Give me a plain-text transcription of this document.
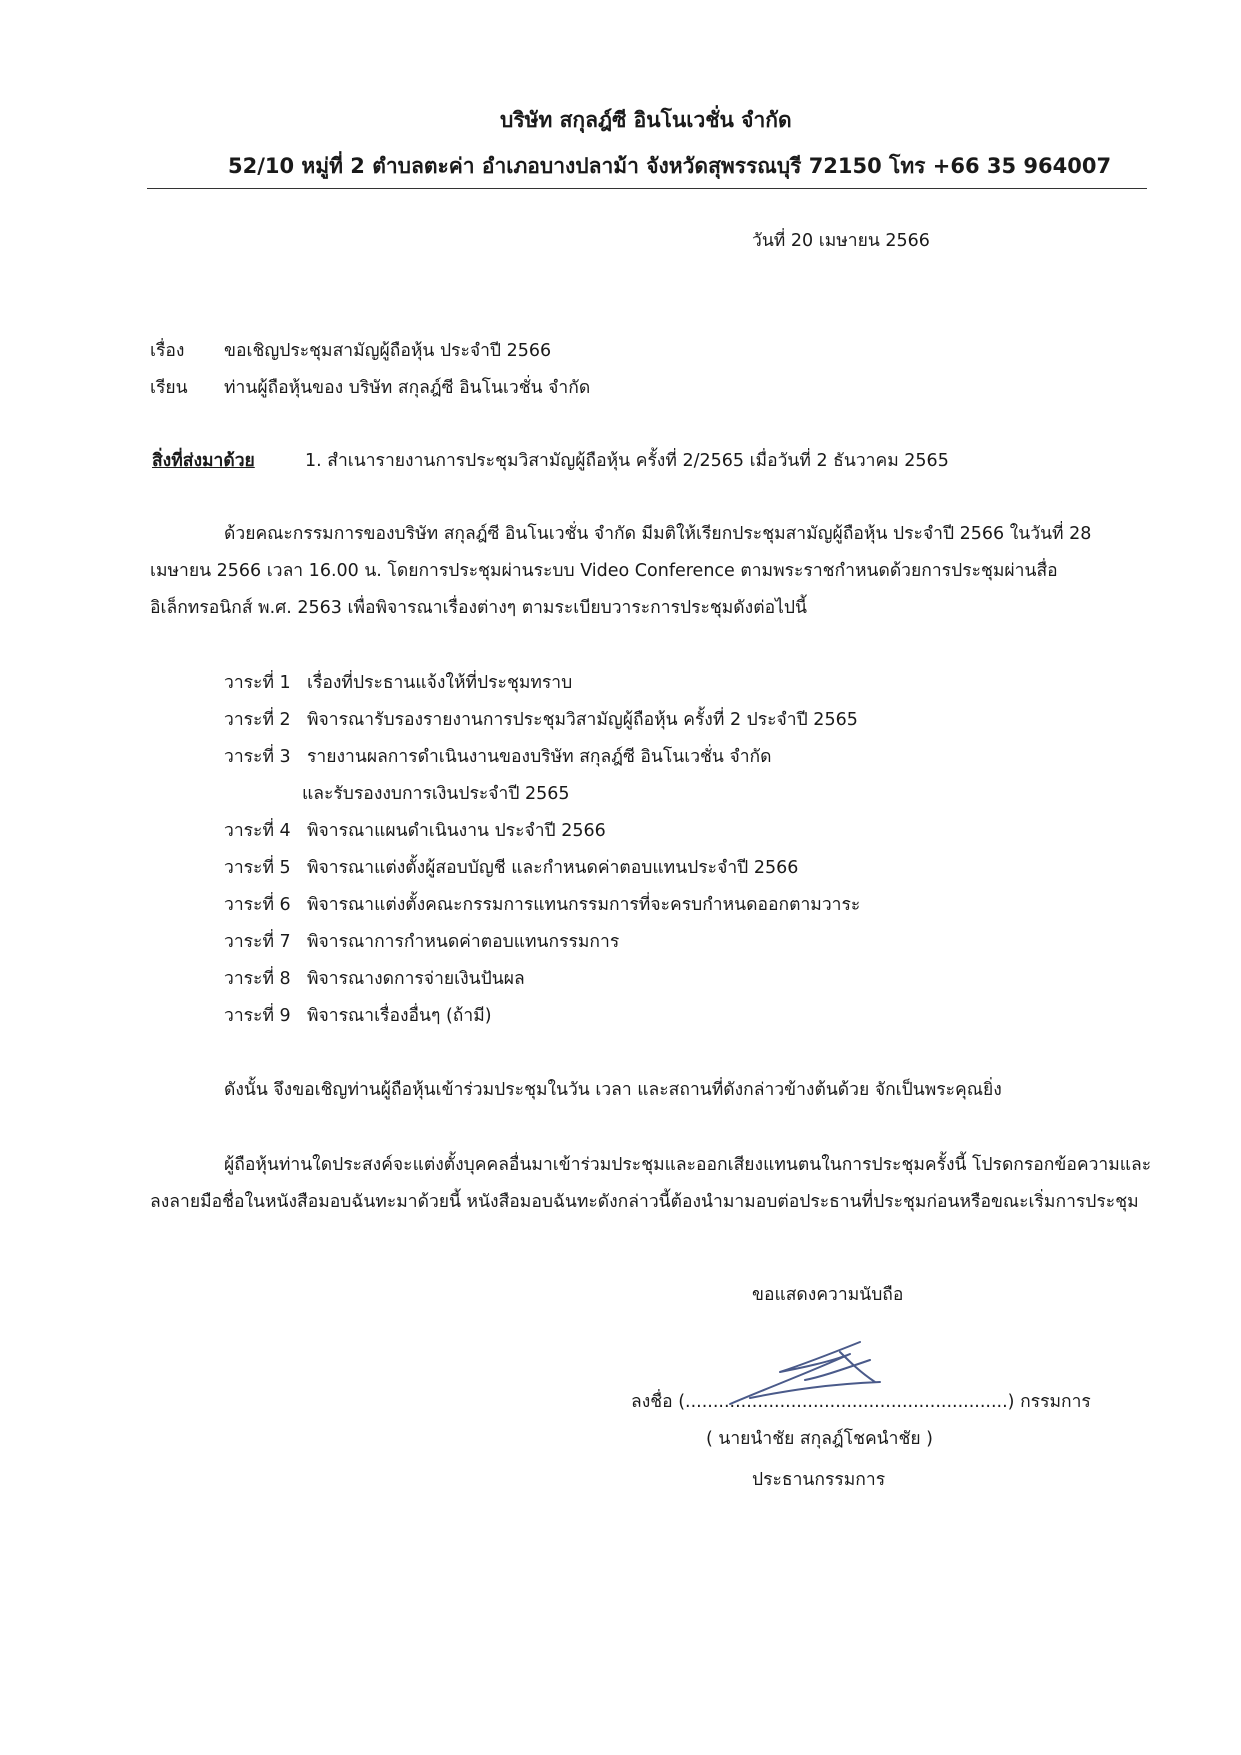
บริษัท สกุลฎ์ซี อินโนเวชั่น จำกัด
52/10 หมู่ที่ 2 ตำบลตะค่า อำเภอบางปลาม้า จังหวัดสุพรรณบุรี 72150 โทร +66 35 964007
วันที่ 20 เมษายน 2566
เรื่อง ขอเชิญประชุมสามัญผู้ถือหุ้น ประจำปี 2566
เรียน ท่านผู้ถือหุ้นของ บริษัท สกุลฎ์ซี อินโนเวชั่น จำกัด
สิ่งที่ส่งมาด้วย	1. สำเนารายงานการประชุมวิสามัญผู้ถือหุ้น ครั้งที่ 2/2565 เมื่อวันที่ 2 ธันวาคม 2565
ด้วยคณะกรรมการของบริษัท สกุลฎ์ซี อินโนเวชั่น จำกัด มีมติให้เรียกประชุมสามัญผู้ถือหุ้น ประจำปี 2566 ในวันที่ 28
เมษายน 2566 เวลา 16.00 น. โดยการประชุมผ่านระบบ Video Conference ตามพระราชกำหนดด้วยการประชุมผ่านสื่อ
อิเล็กทรอนิกส์ พ.ศ. 2563 เพื่อพิจารณาเรื่องต่างๆ ตามระเบียบวาระการประชุมดังต่อไปนี้
วาระที่ 1 เรื่องที่ประธานแจ้งให้ที่ประชุมทราบ
วาระที่ 2 พิจารณารับรองรายงานการประชุมวิสามัญผู้ถือหุ้น ครั้งที่ 2 ประจำปี 2565
วาระที่ 3 รายงานผลการดำเนินงานของบริษัท สกุลฎ์ซี อินโนเวชั่น จำกัด
และรับรองงบการเงินประจำปี 2565
วาระที่ 4 พิจารณาแผนดำเนินงาน ประจำปี 2566
วาระที่ 5 พิจารณาแต่งตั้งผู้สอบบัญชี และกำหนดค่าตอบแทนประจำปี 2566
วาระที่ 6 พิจารณาแต่งตั้งคณะกรรมการแทนกรรมการที่จะครบกำหนดออกตามวาระ
วาระที่ 7 พิจารณาการกำหนดค่าตอบแทนกรรมการ
วาระที่ 8 พิจารณางดการจ่ายเงินปันผล
วาระที่ 9 พิจารณาเรื่องอื่นๆ (ถ้ามี)
ดังนั้น จึงขอเชิญท่านผู้ถือหุ้นเข้าร่วมประชุมในวัน เวลา และสถานที่ดังกล่าวข้างต้นด้วย จักเป็นพระคุณยิ่ง
ผู้ถือหุ้นท่านใดประสงค์จะแต่งตั้งบุคคลอื่นมาเข้าร่วมประชุมและออกเสียงแทนตนในการประชุมครั้งนี้ โปรดกรอกข้อความและ
ลงลายมือชื่อในหนังสือมอบฉันทะมาด้วยนี้ หนังสือมอบฉันทะดังกล่าวนี้ต้องนำมามอบต่อประธานที่ประชุมก่อนหรือขณะเริ่มการประชุม
ขอแสดงความนับถือ
ลงชื่อ (..........................................................) กรรมการ
( นายนำชัย สกุลฎ์โชคนำชัย )
ประธานกรรมการ
